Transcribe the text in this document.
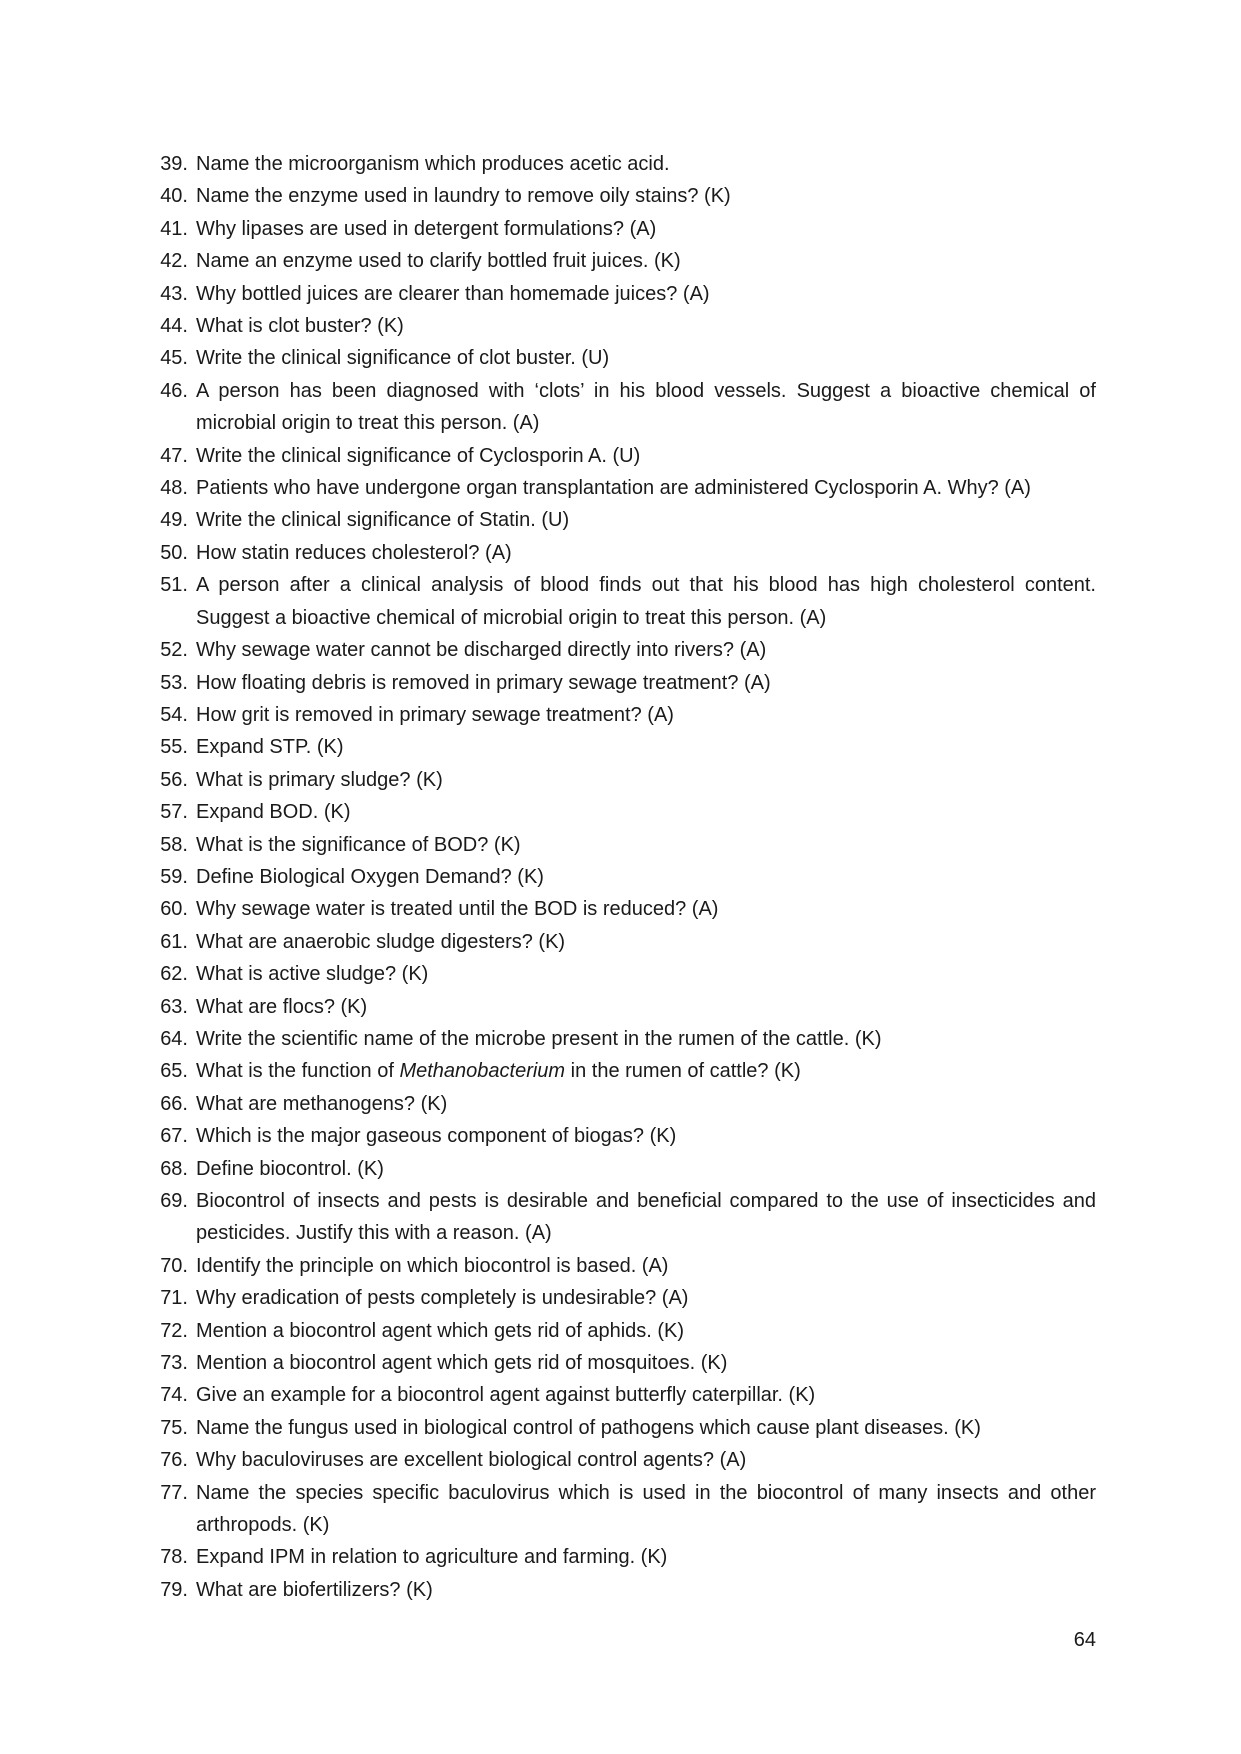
39. Name the microorganism which produces acetic acid.
40. Name the enzyme used in laundry to remove oily stains? (K)
41. Why lipases are used in detergent formulations? (A)
42. Name an enzyme used to clarify bottled fruit juices. (K)
43. Why bottled juices are clearer than homemade juices? (A)
44. What is clot buster? (K)
45. Write the clinical significance of clot buster. (U)
46. A person has been diagnosed with ‘clots’ in his blood vessels. Suggest a bioactive chemical of microbial origin to treat this person. (A)
47. Write the clinical significance of Cyclosporin A. (U)
48. Patients who have undergone organ transplantation are administered Cyclosporin A. Why? (A)
49. Write the clinical significance of Statin. (U)
50. How statin reduces cholesterol? (A)
51. A person after a clinical analysis of blood finds out that his blood has high cholesterol content. Suggest a bioactive chemical of microbial origin to treat this person. (A)
52. Why sewage water cannot be discharged directly into rivers? (A)
53. How floating debris is removed in primary sewage treatment? (A)
54. How grit is removed in primary sewage treatment? (A)
55. Expand STP. (K)
56. What is primary sludge? (K)
57. Expand BOD. (K)
58. What is the significance of BOD? (K)
59. Define Biological Oxygen Demand? (K)
60. Why sewage water is treated until the BOD is reduced? (A)
61. What are anaerobic sludge digesters? (K)
62. What is active sludge? (K)
63. What are flocs? (K)
64. Write the scientific name of the microbe present in the rumen of the cattle. (K)
65. What is the function of Methanobacterium in the rumen of cattle? (K)
66. What are methanogens? (K)
67. Which is the major gaseous component of biogas? (K)
68. Define biocontrol. (K)
69. Biocontrol of insects and pests is desirable and beneficial compared to the use of insecticides and pesticides. Justify this with a reason. (A)
70. Identify the principle on which biocontrol is based. (A)
71. Why eradication of pests completely is undesirable? (A)
72. Mention a biocontrol agent which gets rid of aphids. (K)
73. Mention a biocontrol agent which gets rid of mosquitoes. (K)
74. Give an example for a biocontrol agent against butterfly caterpillar. (K)
75. Name the fungus used in biological control of pathogens which cause plant diseases. (K)
76. Why baculoviruses are excellent biological control agents? (A)
77. Name the species specific baculovirus which is used in the biocontrol of many insects and other arthropods. (K)
78. Expand IPM in relation to agriculture and farming. (K)
79. What are biofertilizers? (K)
64
